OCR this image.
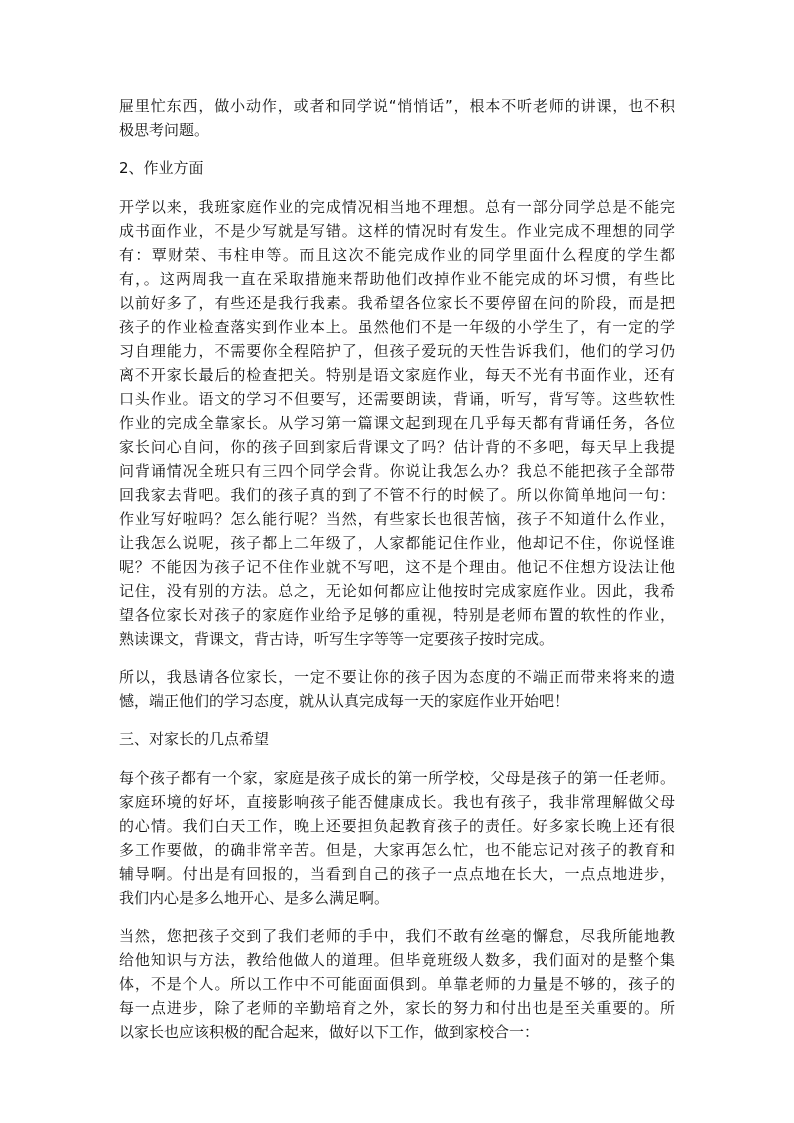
屉里忙东西，做小动作，或者和同学说“悄悄话”，根本不听老师的讲课，也不积
极思考问题。
2、作业方面
开学以来，我班家庭作业的完成情况相当地不理想。总有一部分同学总是不能完
成书面作业，不是少写就是写错。这样的情况时有发生。作业完成不理想的同学
有：覃财荣、韦柱申等。而且这次不能完成作业的同学里面什么程度的学生都
有，。这两周我一直在采取措施来帮助他们改掉作业不能完成的坏习惯，有些比
以前好多了，有些还是我行我素。我希望各位家长不要停留在问的阶段，而是把
孩子的作业检查落实到作业本上。虽然他们不是一年级的小学生了，有一定的学
习自理能力，不需要你全程陪护了，但孩子爱玩的天性告诉我们，他们的学习仍
离不开家长最后的检查把关。特别是语文家庭作业，每天不光有书面作业，还有
口头作业。语文的学习不但要写，还需要朗读，背诵，听写，背写等。这些软性
作业的完成全靠家长。从学习第一篇课文起到现在几乎每天都有背诵任务，各位
家长问心自问，你的孩子回到家后背课文了吗？估计背的不多吧，每天早上我提
问背诵情况全班只有三四个同学会背。你说让我怎么办？我总不能把孩子全部带
回我家去背吧。我们的孩子真的到了不管不行的时候了。所以你简单地问一句：
作业写好啦吗？怎么能行呢？当然，有些家长也很苦恼，孩子不知道什么作业，
让我怎么说呢，孩子都上二年级了，人家都能记住作业，他却记不住，你说怪谁
呢？不能因为孩子记不住作业就不写吧，这不是个理由。他记不住想方设法让他
记住，没有别的方法。总之，无论如何都应让他按时完成家庭作业。因此，我希
望各位家长对孩子的家庭作业给予足够的重视，特别是老师布置的软性的作业，
熟读课文，背课文，背古诗，听写生字等等一定要孩子按时完成。
所以，我恳请各位家长，一定不要让你的孩子因为态度的不端正而带来将来的遗
憾，端正他们的学习态度，就从认真完成每一天的家庭作业开始吧！
三、对家长的几点希望
每个孩子都有一个家，家庭是孩子成长的第一所学校，父母是孩子的第一任老师。
家庭环境的好坏，直接影响孩子能否健康成长。我也有孩子，我非常理解做父母
的心情。我们白天工作，晚上还要担负起教育孩子的责任。好多家长晚上还有很
多工作要做，的确非常辛苦。但是，大家再怎么忙，也不能忘记对孩子的教育和
辅导啊。付出是有回报的，当看到自己的孩子一点点地在长大，一点点地进步，
我们内心是多么地开心、是多么满足啊。
当然，您把孩子交到了我们老师的手中，我们不敢有丝毫的懈怠，尽我所能地教
给他知识与方法，教给他做人的道理。但毕竟班级人数多，我们面对的是整个集
体，不是个人。所以工作中不可能面面俱到。单靠老师的力量是不够的，孩子的
每一点进步，除了老师的辛勤培育之外，家长的努力和付出也是至关重要的。所
以家长也应该积极的配合起来，做好以下工作，做到家校合一：
